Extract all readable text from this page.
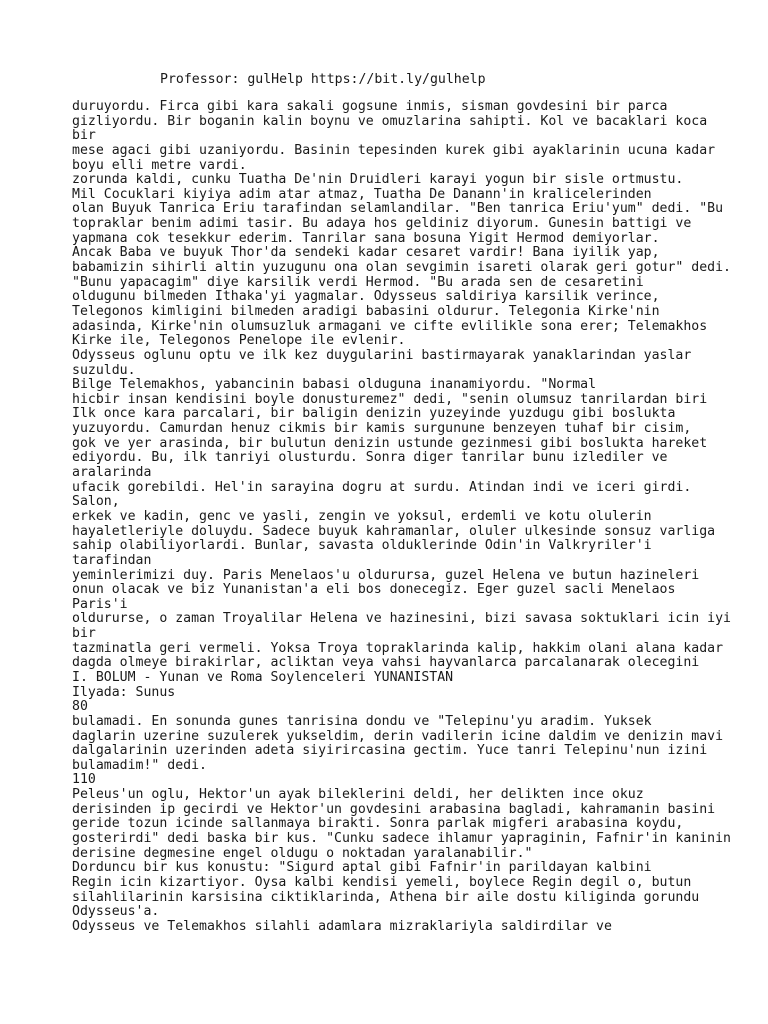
Professor: gulHelp https://bit.ly/gulhelp
duruyordu. Firca gibi kara sakali gogsune inmis, sisman govdesini bir parca
gizliyordu. Bir boganin kalin boynu ve omuzlarina sahipti. Kol ve bacaklari koca
bir
mese agaci gibi uzaniyordu. Basinin tepesinden kurek gibi ayaklarinin ucuna kadar
boyu elli metre vardi.
zorunda kaldi, cunku Tuatha De'nin Druidleri karayi yogun bir sisle ortmustu.
Mil Cocuklari kiyiya adim atar atmaz, Tuatha De Danann'in kralicelerinden
olan Buyuk Tanrica Eriu tarafindan selamlandilar. "Ben tanrica Eriu'yum" dedi. "Bu
topraklar benim adimi tasir. Bu adaya hos geldiniz diyorum. Gunesin battigi ve
yapmana cok tesekkur ederim. Tanrilar sana bosuna Yigit Hermod demiyorlar.
Ancak Baba ve buyuk Thor'da sendeki kadar cesaret vardir! Bana iyilik yap,
babamizin sihirli altin yuzugunu ona olan sevgimin isareti olarak geri gotur" dedi.
"Bunu yapacagim" diye karsilik verdi Hermod. "Bu arada sen de cesaretini
oldugunu bilmeden Ithaka'yi yagmalar. Odysseus saldiriya karsilik verince,
Telegonos kimligini bilmeden aradigi babasini oldurur. Telegonia Kirke'nin
adasinda, Kirke'nin olumsuzluk armagani ve cifte evlilikle sona erer; Telemakhos
Kirke ile, Telegonos Penelope ile evlenir.
Odysseus oglunu optu ve ilk kez duygularini bastirmayarak yanaklarindan yaslar
suzuldu.
Bilge Telemakhos, yabancinin babasi olduguna inanamiyordu. "Normal
hicbir insan kendisini boyle donusturemez" dedi, "senin olumsuz tanrilardan biri
Ilk once kara parcalari, bir baligin denizin yuzeyinde yuzdugu gibi boslukta
yuzuyordu. Camurdan henuz cikmis bir kamis surgunune benzeyen tuhaf bir cisim,
gok ve yer arasinda, bir bulutun denizin ustunde gezinmesi gibi boslukta hareket
ediyordu. Bu, ilk tanriyi olusturdu. Sonra diger tanrilar bunu izlediler ve
aralarinda
ufacik gorebildi. Hel'in sarayina dogru at surdu. Atindan indi ve iceri girdi.
Salon,
erkek ve kadin, genc ve yasli, zengin ve yoksul, erdemli ve kotu olulerin
hayaletleriyle doluydu. Sadece buyuk kahramanlar, oluler ulkesinde sonsuz varliga
sahip olabiliyorlardi. Bunlar, savasta olduklerinde Odin'in Valkryriler'i
tarafindan
yeminlerimizi duy. Paris Menelaos'u oldurursa, guzel Helena ve butun hazineleri
onun olacak ve biz Yunanistan'a eli bos donecegiz. Eger guzel sacli Menelaos
Paris'i
oldurursе, o zaman Troyalilar Helena ve hazinesini, bizi savasa soktuklari icin iyi
bir
tazminatla geri vermeli. Yoksa Troya topraklarinda kalip, hakkim olani alana kadar
dagda olmeye birakirlar, acliktan veya vahsi hayvanlarca parcalanarak olecegini
I. BOLUM - Yunan ve Roma Soylenceleri YUNANISTAN
Ilyada: Sunus
80
bulamadi. En sonunda gunes tanrisina dondu ve "Telepinu'yu aradim. Yuksek
daglarin uzerine suzulerek yukseldim, derin vadilerin icine daldim ve denizin mavi
dalgalarinin uzerinden adeta siyirircasina gectim. Yuce tanri Telepinu'nun izini
bulamadim!" dedi.
110
Peleus'un oglu, Hektor'un ayak bileklerini deldi, her delikten ince okuz
derisinden ip gecirdi ve Hektor'un govdesini arabasina bagladi, kahramanin basini
geride tozun icinde sallanmaya birakti. Sonra parlak migferi arabasina koydu,
gosterirdi" dedi baska bir kus. "Cunku sadece ihlamur yapraginin, Fafnir'in kaninin
derisine degmesine engel oldugu o noktadan yaralanabilir."
Dorduncu bir kus konustu: "Sigurd aptal gibi Fafnir'in parildayan kalbini
Regin icin kizartiyor. Oysa kalbi kendisi yemeli, boylece Regin degil o, butun
silahlilarinin karsisina ciktiklarinda, Athena bir aile dostu kiliginda gorundu
Odysseus'a.
Odysseus ve Telemakhos silahli adamlara mizraklariyla saldirdilar ve
